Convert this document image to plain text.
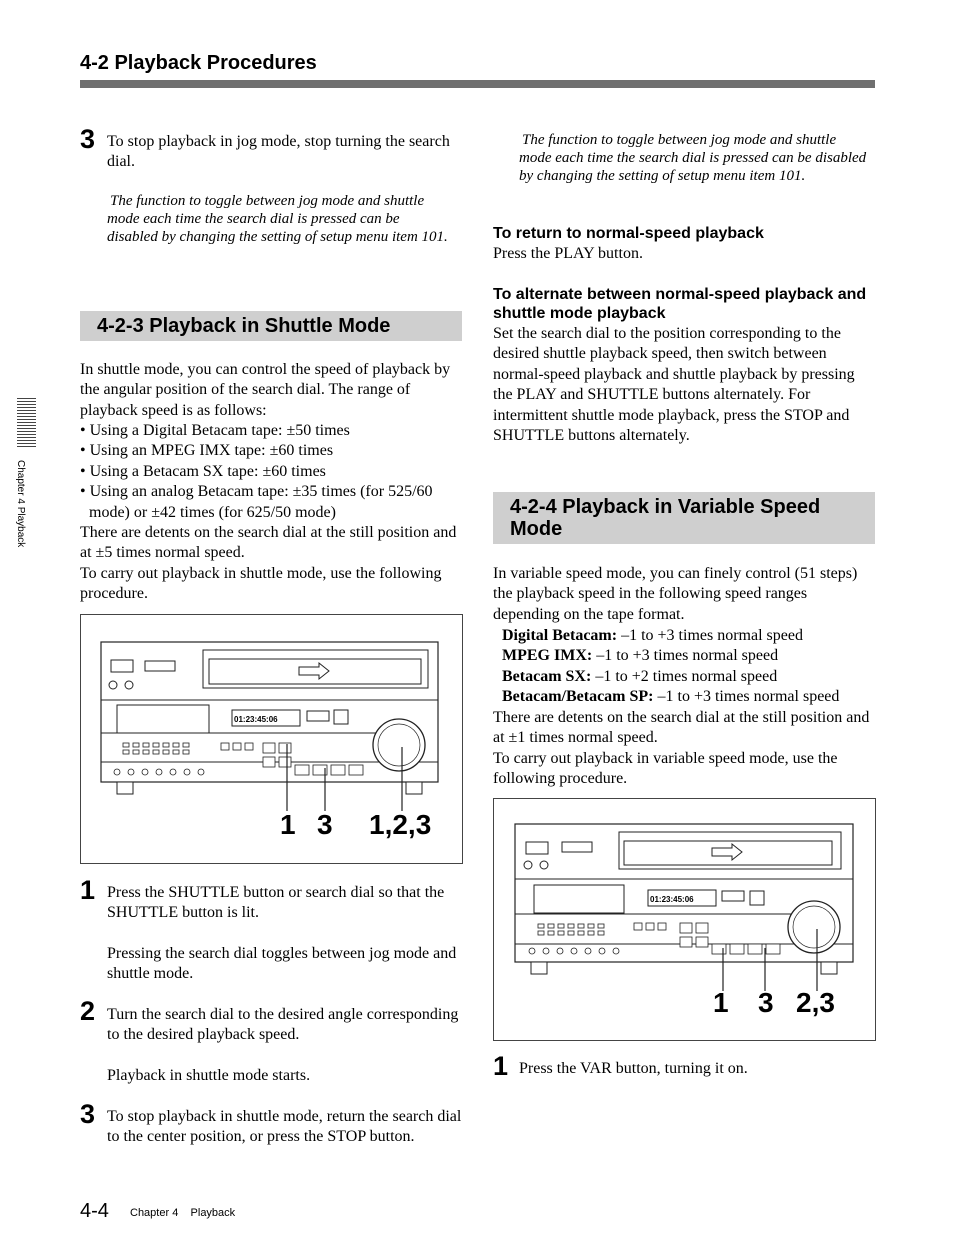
4-2 Playback Procedures
Chapter 4 Playback
3 To stop playback in jog mode, stop turning the search dial.

The function to toggle between jog mode and shuttle mode each time the search dial is pressed can be disabled by changing the setting of setup menu item 101.

4-2-3 Playback in Shuttle Mode

In shuttle mode, you can control the speed of playback by the angular position of the search dial. The range of playback speed is as follows:

• Using a Digital Betacam tape: ±50 times
• Using an MPEG IMX tape: ±60 times
• Using a Betacam SX tape: ±60 times
• Using an analog Betacam tape: ±35 times (for 525/60 mode) or ±42 times (for 625/50 mode)

There are detents on the search dial at the still position and at ±5 times normal speed.

To carry out playback in shuttle mode, use the following procedure.

01:23:45:06
1 3 1,2,3
1 Press the SHUTTLE button or search dial so that the SHUTTLE button is lit.

Pressing the search dial toggles between jog mode and shuttle mode.

2 Turn the search dial to the desired angle corresponding to the desired playback speed.

Playback in shuttle mode starts.

3 To stop playback in shuttle mode, return the search dial to the center position, or press the STOP button.

The function to toggle between jog mode and shuttle mode each time the search dial is pressed can be disabled by changing the setting of setup menu item 101.

To return to normal-speed playback

Press the PLAY button.

To alternate between normal-speed playback and shuttle mode playback

Set the search dial to the position corresponding to the desired shuttle playback speed, then switch between normal-speed playback and shuttle playback by pressing the PLAY and SHUTTLE buttons alternately. For intermittent shuttle mode playback, press the STOP and SHUTTLE buttons alternately.

4-2-4 Playback in Variable Speed Mode

In variable speed mode, you can finely control (51 steps) the playback speed in the following speed ranges depending on the tape format.

Digital Betacam: –1 to +3 times normal speed
MPEG IMX: –1 to +3 times normal speed
Betacam SX: –1 to +2 times normal speed
Betacam/Betacam SP: –1 to +3 times normal speed

There are detents on the search dial at the still position and at ±1 times normal speed.

To carry out playback in variable speed mode, use the following procedure.

01:23:45:06
1 3 2,3
1 Press the VAR button, turning it on.

4-4 Chapter 4    Playback
